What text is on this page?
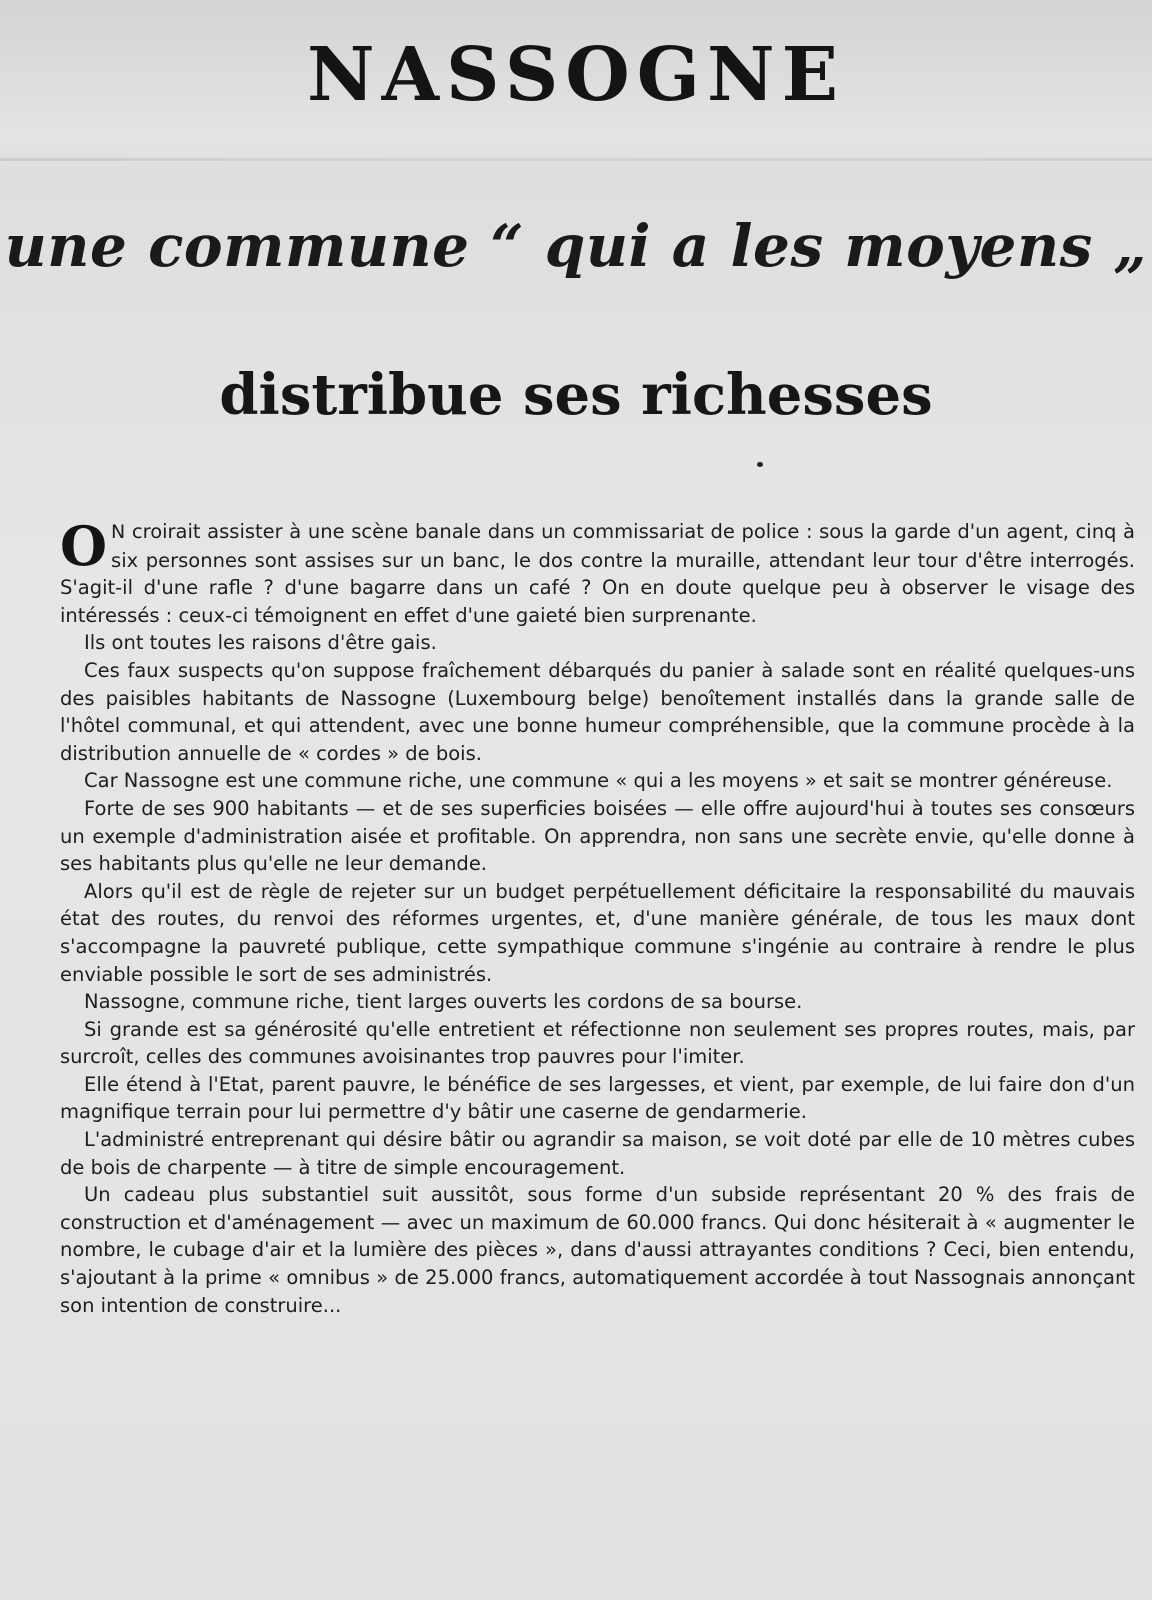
NASSOGNE
une commune “ qui a les moyens „
distribue ses richesses

O N croirait assister à une scène banale dans un commissariat de police : sous la garde d'un agent, cinq à six personnes sont assises sur un banc, le dos contre la muraille, attendant leur tour d'être interrogés. S'agit-il d'une rafle ? d'une bagarre dans un café ? On en doute quelque peu à observer le visage des intéressés : ceux-ci témoignent en effet d'une gaieté bien surprenante.

Ils ont toutes les raisons d'être gais.

Ces faux suspects qu'on suppose fraîchement débarqués du panier à salade sont en réalité quelques-uns des paisibles habitants de Nassogne (Luxembourg belge) benoîtement installés dans la grande salle de l'hôtel communal, et qui attendent, avec une bonne humeur compréhensible, que la commune procède à la distribution annuelle de « cordes » de bois.

Car Nassogne est une commune riche, une commune « qui a les moyens » et sait se montrer généreuse.

Forte de ses 900 habitants — et de ses superficies boisées — elle offre aujourd'hui à toutes ses consœurs un exemple d'administration aisée et profitable. On apprendra, non sans une secrète envie, qu'elle donne à ses habitants plus qu'elle ne leur demande.

Alors qu'il est de règle de rejeter sur un budget perpétuellement déficitaire la responsabilité du mauvais état des routes, du renvoi des réformes urgentes, et, d'une manière générale, de tous les maux dont s'accompagne la pauvreté publique, cette sympathique commune s'ingénie au contraire à rendre le plus enviable possible le sort de ses administrés.

Nassogne, commune riche, tient larges ouverts les cordons de sa bourse.

Si grande est sa générosité qu'elle entretient et réfectionne non seulement ses propres routes, mais, par surcroît, celles des communes avoisinantes trop pauvres pour l'imiter.

Elle étend à l'Etat, parent pauvre, le bénéfice de ses largesses, et vient, par exemple, de lui faire don d'un magnifique terrain pour lui permettre d'y bâtir une caserne de gendarmerie.

L'administré entreprenant qui désire bâtir ou agrandir sa maison, se voit doté par elle de 10 mètres cubes de bois de charpente — à titre de simple encouragement.

Un cadeau plus substantiel suit aussitôt, sous forme d'un subside représentant 20 % des frais de construction et d'aménagement — avec un maximum de 60.000 francs. Qui donc hésiterait à « augmenter le nombre, le cubage d'air et la lumière des pièces », dans d'aussi attrayantes conditions ? Ceci, bien entendu, s'ajoutant à la prime « omnibus » de 25.000 francs, automatiquement accordée à tout Nassognais annonçant son intention de construire...
